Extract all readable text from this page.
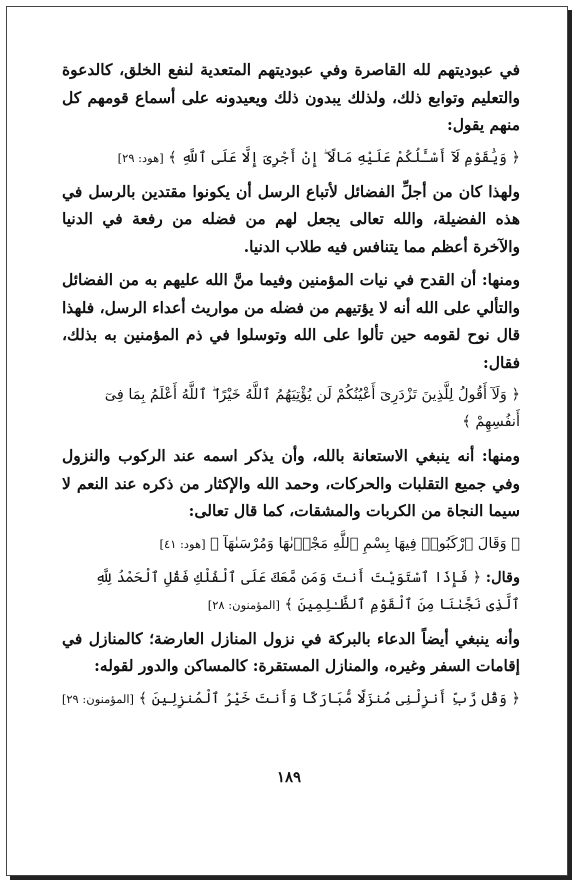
في عبوديتهم لله القاصرة وفي عبوديتهم المتعدية لنفع الخلق، كالدعوة والتعليم وتوابع ذلك، ولذلك يبدون ذلك ويعيدونه على أسماع قومهم كل منهم يقول:

﴿ وَيَٰقَوْمِ لَآ أَسْـَٔلُكُمْ عَلَيْهِ مَالًا ۖ إِنْ أَجْرِىَ إِلَّا عَلَى ٱللَّهِ ﴾ [هود: ٢٩]

ولهذا كان من أجلِّ الفضائل لأتباع الرسل أن يكونوا مقتدين بالرسل في هذه الفضيلة، والله تعالى يجعل لهم من فضله من رفعة في الدنيا والآخرة أعظم مما يتنافس فيه طلاب الدنيا.

ومنها: أن القدح في نيات المؤمنين وفيما منَّ الله عليهم به من الفضائل والتألي على الله أنه لا يؤتيهم من فضله من مواريث أعداء الرسل، فلهذا قال نوح لقومه حين تألوا على الله وتوسلوا في ذم المؤمنين به بذلك، فقال:

﴿ وَلَآ أَقُولُ لِلَّذِينَ تَزْدَرِىٓ أَعْيُنُكُمْ لَن يُؤْتِيَهُمُ ٱللَّهُ خَيْرًا ۖ ٱللَّهُ أَعْلَمُ بِمَا فِىٓ أَنفُسِهِمْ ﴾

ومنها: أنه ينبغي الاستعانة بالله، وأن يذكر اسمه عند الركوب والنزول وفي جميع التقلبات والحركات، وحمد الله والإكثار من ذكره عند النعم لا سيما النجاة من الكربات والمشقات، كما قال تعالى:

﴿ وَقَالَ ٱرْكَبُوا۟ فِيهَا بِسْمِ ٱللَّهِ مَجْر۪ىٰهَا وَمُرْسَىٰهَآ ﴾ [هود: ٤١]

وقال: ﴿ فَإِذَا ٱسْتَوَيْتَ أَنتَ وَمَن مَّعَكَ عَلَى ٱلْفُلْكِ فَقُلِ ٱلْحَمْدُ لِلَّهِ ٱلَّذِى نَجَّىٰنَا مِنَ ٱلْقَوْمِ ٱلظَّـٰلِمِينَ ﴾ [المؤمنون: ٢٨]

وأنه ينبغي أيضاً الدعاء بالبركة في نزول المنازل العارضة؛ كالمنازل في إقامات السفر وغيره، والمنازل المستقرة: كالمساكن والدور لقوله:

﴿ وَقُل رَّبِّ أَنزِلْنِى مُنزَلًا مُّبَارَكًا وَأَنتَ خَيْرُ ٱلْمُنزِلِينَ ﴾ [المؤمنون: ٢٩]

١٨٩
